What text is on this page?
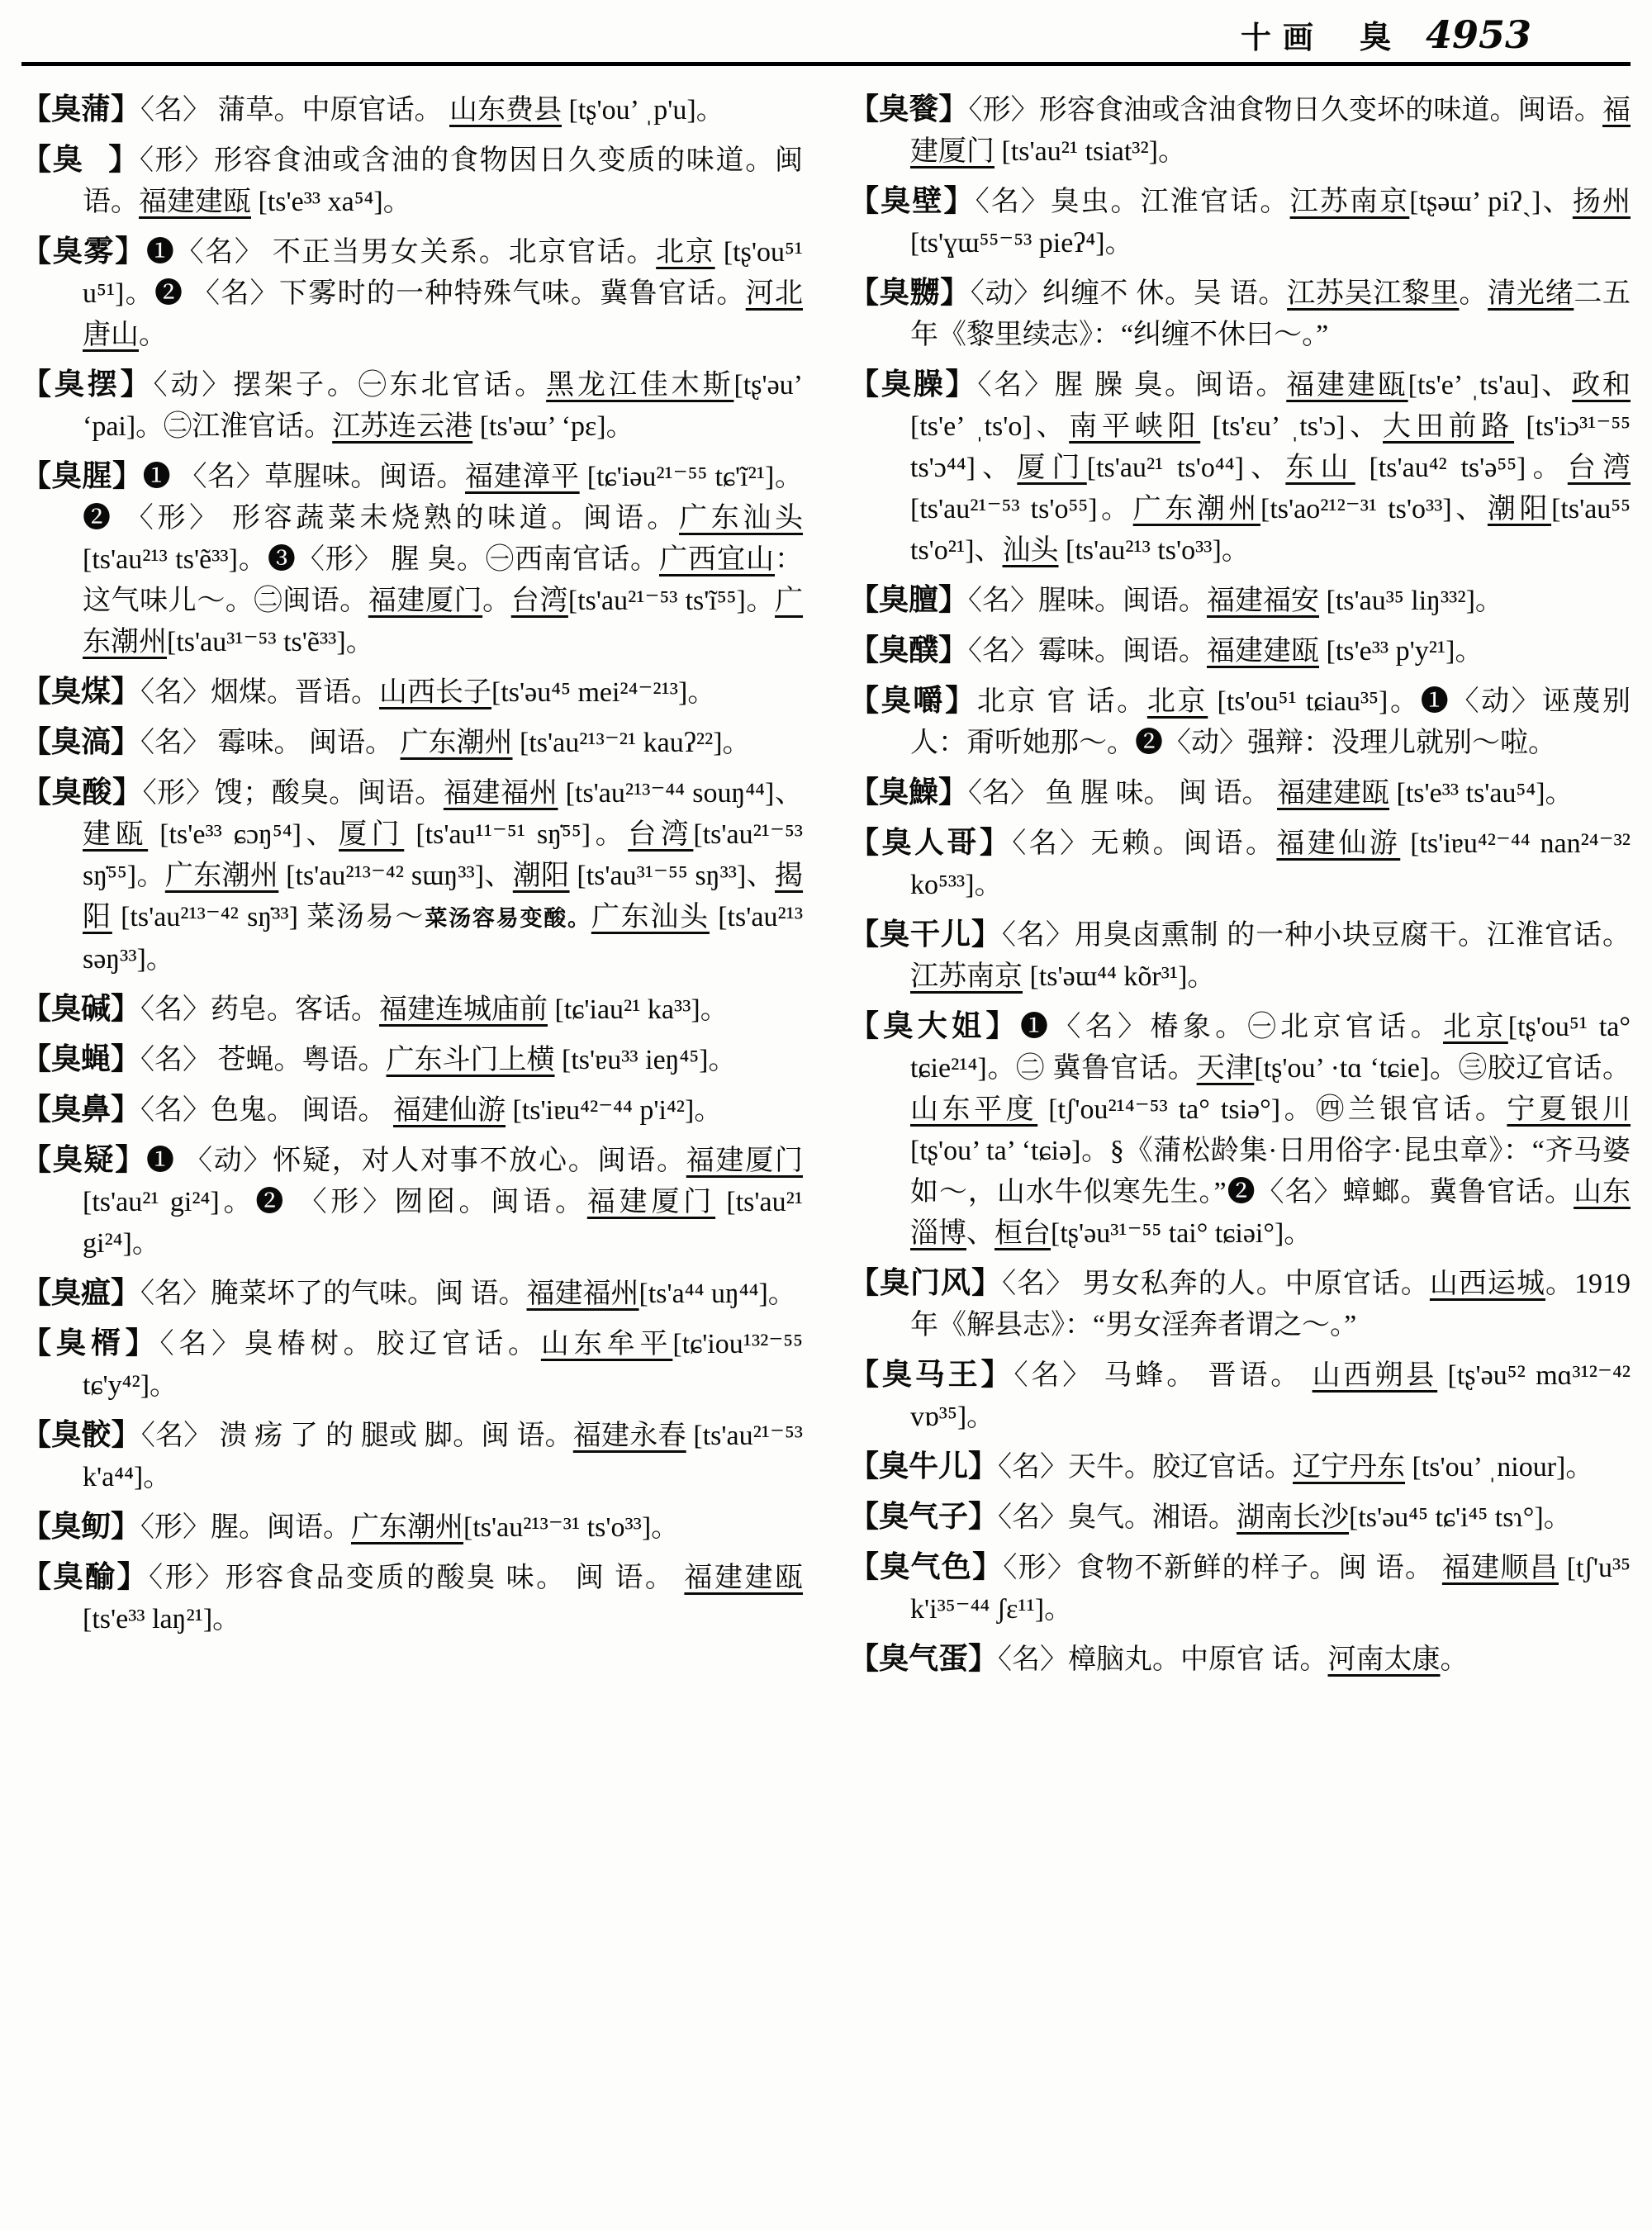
十画 臭 4953
【臭蒲】〈名〉 蒲草。中原官话。 山东费县 [tʂ'ou’ ˌp'u]。
【臭𨠣】〈形〉形容食油或含油的食物因日久变质的味道。闽语。福建建瓯 [ts'e³³ xa⁵⁴]。
【臭雾】❶〈名〉 不正当男女关系。北京官话。北京 [tʂ'ou⁵¹ u⁵¹]。❷ 〈名〉下雾时的一种特殊气味。冀鲁官话。河北唐山。
【臭摆】〈动〉摆架子。㊀东北官话。黑龙江佳木斯[tʂ'əu’ ‘pai]。㊁江淮官话。江苏连云港 [ts'əɯ’ ‘pɛ]。
【臭腥】❶ 〈名〉草腥味。闽语。福建漳平 [tɕ'iəu²¹⁻⁵⁵ tɕ'ĩ²¹]。❷ 〈形〉 形容蔬菜未烧熟的味道。闽语。广东汕头 [ts'au²¹³ ts'ẽ³³]。❸〈形〉 腥 臭。㊀西南官话。广西宜山：这气味儿～。㊁闽语。福建厦门。台湾[ts'au²¹⁻⁵³ ts'ĩ⁵⁵]。广东潮州[ts'au³¹⁻⁵³ ts'ẽ³³]。
【臭煤】〈名〉烟煤。晋语。山西长子[ts'əu⁴⁵ mei²⁴⁻²¹³]。
【臭滈】〈名〉 霉味。 闽语。 广东潮州 [ts'au²¹³⁻²¹ kauʔ²²]。
【臭酸】〈形〉馊；酸臭。闽语。福建福州 [ts'au²¹³⁻⁴⁴ souŋ⁴⁴]、建瓯 [ts'e³³ ɕɔŋ⁵⁴]、厦门 [ts'au¹¹⁻⁵¹ sŋ̇⁵⁵]。台湾[ts'au²¹⁻⁵³ sŋ̇⁵⁵]。广东潮州 [ts'au²¹³⁻⁴² sɯŋ³³]、潮阳 [ts'au³¹⁻⁵⁵ sŋ³³]、揭阳 [ts'au²¹³⁻⁴² sŋ̇³³] 菜汤易～菜汤容易变酸。广东汕头 [ts'au²¹³ səŋ³³]。
【臭碱】〈名〉药皂。客话。福建连城庙前 [tɕ'iau²¹ ka³³]。
【臭蝇】〈名〉 苍蝇。粤语。广东斗门上横 [ts'ɐu³³ ieŋ⁴⁵]。
【臭鼻】〈名〉色鬼。 闽语。 福建仙游 [ts'iɐu⁴²⁻⁴⁴ p'i⁴²]。
【臭疑】❶ 〈动〉怀疑，对人对事不放心。闽语。福建厦门 [ts'au²¹ gi²⁴]。❷ 〈形〉囫囵。闽语。福建厦门 [ts'au²¹ gi²⁴]。
【臭瘟】〈名〉腌菜坏了的气味。闽 语。福建福州[ts'a⁴⁴ uŋ⁴⁴]。
【臭楈】〈名〉臭椿树。胶辽官话。山东牟平[tɕ'iou¹³²⁻⁵⁵ tɕ'y⁴²]。
【臭骹】〈名〉 溃 疡 了 的 腿或 脚。闽 语。福建永春 [ts'au²¹⁻⁵³ k'a⁴⁴]。
【臭鱽】〈形〉腥。闽语。广东潮州[ts'au²¹³⁻³¹ ts'o³³]。
【臭䤅】〈形〉形容食品变质的酸臭 味。 闽 语。 福建建瓯 [ts'e³³ laŋ²¹]。
【臭餮】〈形〉形容食油或含油食物日久变坏的味道。闽语。福建厦门 [ts'au²¹ tsiat³²]。
【臭壁】〈名〉臭虫。江淮官话。江苏南京[tʂəɯ’ piʔˎ]、扬州 [ts'ɣɯ⁵⁵⁻⁵³ pieʔ⁴]。
【臭嬲】〈动〉纠缠不 休。吴 语。江苏吴江黎里。清光绪二五年《黎里续志》：“纠缠不休曰～。”
【臭臊】〈名〉腥 臊 臭。闽语。福建建瓯[ts'e’ ˌts'au]、政和 [ts'e’ ˌts'o]、南平峡阳 [ts'ɛu’ ˌts'ɔ]、大田前路 [ts'iɔ³¹⁻⁵⁵ ts'ɔ⁴⁴]、厦门[ts'au²¹ ts'o⁴⁴]、东山 [ts'au⁴² ts'ə⁵⁵]。台湾[ts'au²¹⁻⁵³ ts'o⁵⁵]。广东潮州[ts'ao²¹²⁻³¹ ts'o³³]、潮阳[ts'au⁵⁵ ts'o²¹]、汕头 [ts'au²¹³ ts'o³³]。
【臭膻】〈名〉腥味。闽语。福建福安 [ts'au³⁵ liŋ³³²]。
【臭醭】〈名〉霉味。闽语。福建建瓯 [ts'e³³ p'y²¹]。
【臭嚼】北京 官 话。北京 [ts'ou⁵¹ tɕiau³⁵]。❶〈动〉诬蔑别人：甭听她那～。❷〈动〉强辩：没理儿就别～啦。
【臭鱢】〈名〉 鱼 腥 味。 闽 语。 福建建瓯 [ts'e³³ ts'au⁵⁴]。
【臭人哥】〈名〉无赖。闽语。福建仙游 [ts'iɐu⁴²⁻⁴⁴ nan²⁴⁻³² ko⁵³³]。
【臭干儿】〈名〉用臭卤熏制 的一种小块豆腐干。江淮官话。江苏南京 [ts'əɯ⁴⁴ kõr³¹]。
【臭大姐】❶〈名〉椿象。㊀北京官话。北京[tʂ'ou⁵¹ ta° tɕie²¹⁴]。㊁ 冀鲁官话。天津[tʂ'ou’ ·tɑ ‘tɕie]。㊂胶辽官话。山东平度 [tʃ'ou²¹⁴⁻⁵³ ta° tsiə°]。㊃兰银官话。宁夏银川 [tʂ'ou’ ta’ ‘tɕiə]。§《蒲松龄集·日用俗字·昆虫章》：“齐马婆如～，山水牛似寒先生。”❷〈名〉蟑螂。冀鲁官话。山东淄博、桓台[tʂ'əu³¹⁻⁵⁵ tai° tɕiəi°]。
【臭门风】〈名〉 男女私奔的人。中原官话。山西运城。1919年《解县志》：“男女淫奔者谓之～。”
【臭马王】〈名〉 马蜂。 晋语。 山西朔县 [tʂ'əu⁵² mɑ³¹²⁻⁴² vɒ³⁵]。
【臭牛儿】〈名〉天牛。胶辽官话。辽宁丹东 [ts'ou’ ˌniour]。
【臭气子】〈名〉臭气。湘语。湖南长沙[ts'əu⁴⁵ tɕ'i⁴⁵ tsɿ°]。
【臭气色】〈形〉食物不新鲜的样子。闽 语。 福建顺昌 [tʃ'u³⁵ k'i³⁵⁻⁴⁴ ʃɛ¹¹]。
【臭气蛋】〈名〉樟脑丸。中原官 话。河南太康。
